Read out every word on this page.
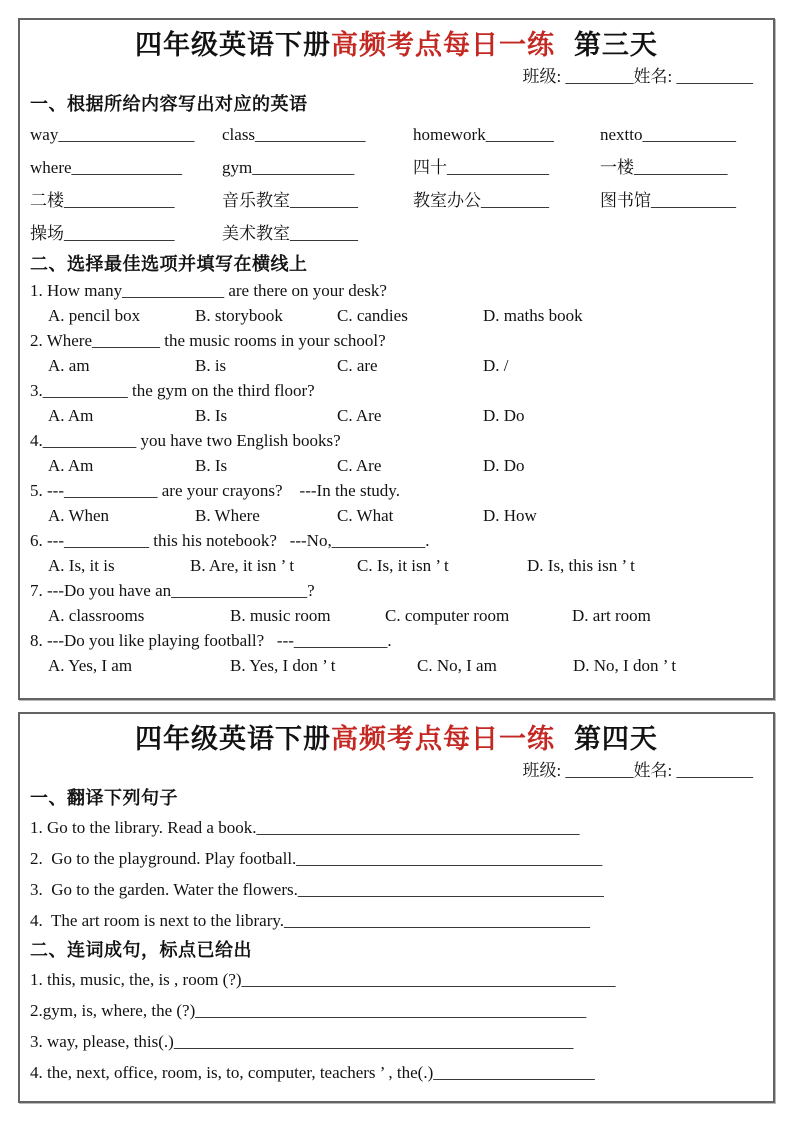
四年级英语下册高频考点每日一练 第三天
班级: ________姓名: _________
一、根据所给内容写出对应的英语
way________________	class_____________	homework________	nextto___________
where_____________	gym____________	四十____________	一楼___________
二楼_____________	音乐教室________	教室办公________	图书馆__________
操场_____________	美术教室________
二、选择最佳选项并填写在横线上
1. How many____________ are there on your desk?
A. pencil box	B. storybook	C. candies	D. maths book
2. Where________ the music rooms in your school?
A. am	B. is	C. are	D. /
3.__________ the gym on the third floor?
A. Am	B. Is	C. Are	D. Do
4.___________ you have two English books?
A. Am	B. Is	C. Are	D. Do
5. ---___________ are your crayons?    ---In the study.
A. When	B. Where	C. What	D. How
6. ---__________ this his notebook?   ---No,___________.
A. Is, it is	B. Are, it isn ’ t	C. Is, it isn ’ t	D. Is, this isn ’ t
7. ---Do you have an________________?
A. classrooms	B. music room	C. computer room	D. art room
8. ---Do you like playing football?   ---___________.
A. Yes, I am	B. Yes, I don ’ t	C. No, I am	D. No, I don ’ t
四年级英语下册高频考点每日一练 第四天
班级: ________姓名: _________
一、翻译下列句子
1. Go to the library. Read a book.______________________________________
2.  Go to the playground. Play football.____________________________________
3.  Go to the garden. Water the flowers.____________________________________
4.  The art room is next to the library.____________________________________
二、连词成句，标点已给出
1. this, music, the, is , room (?)____________________________________________
2.gym, is, where, the (?)______________________________________________
3. way, please, this(.)_______________________________________________
4. the, next, office, room, is, to, computer, teachers ’ , the(.)___________________
